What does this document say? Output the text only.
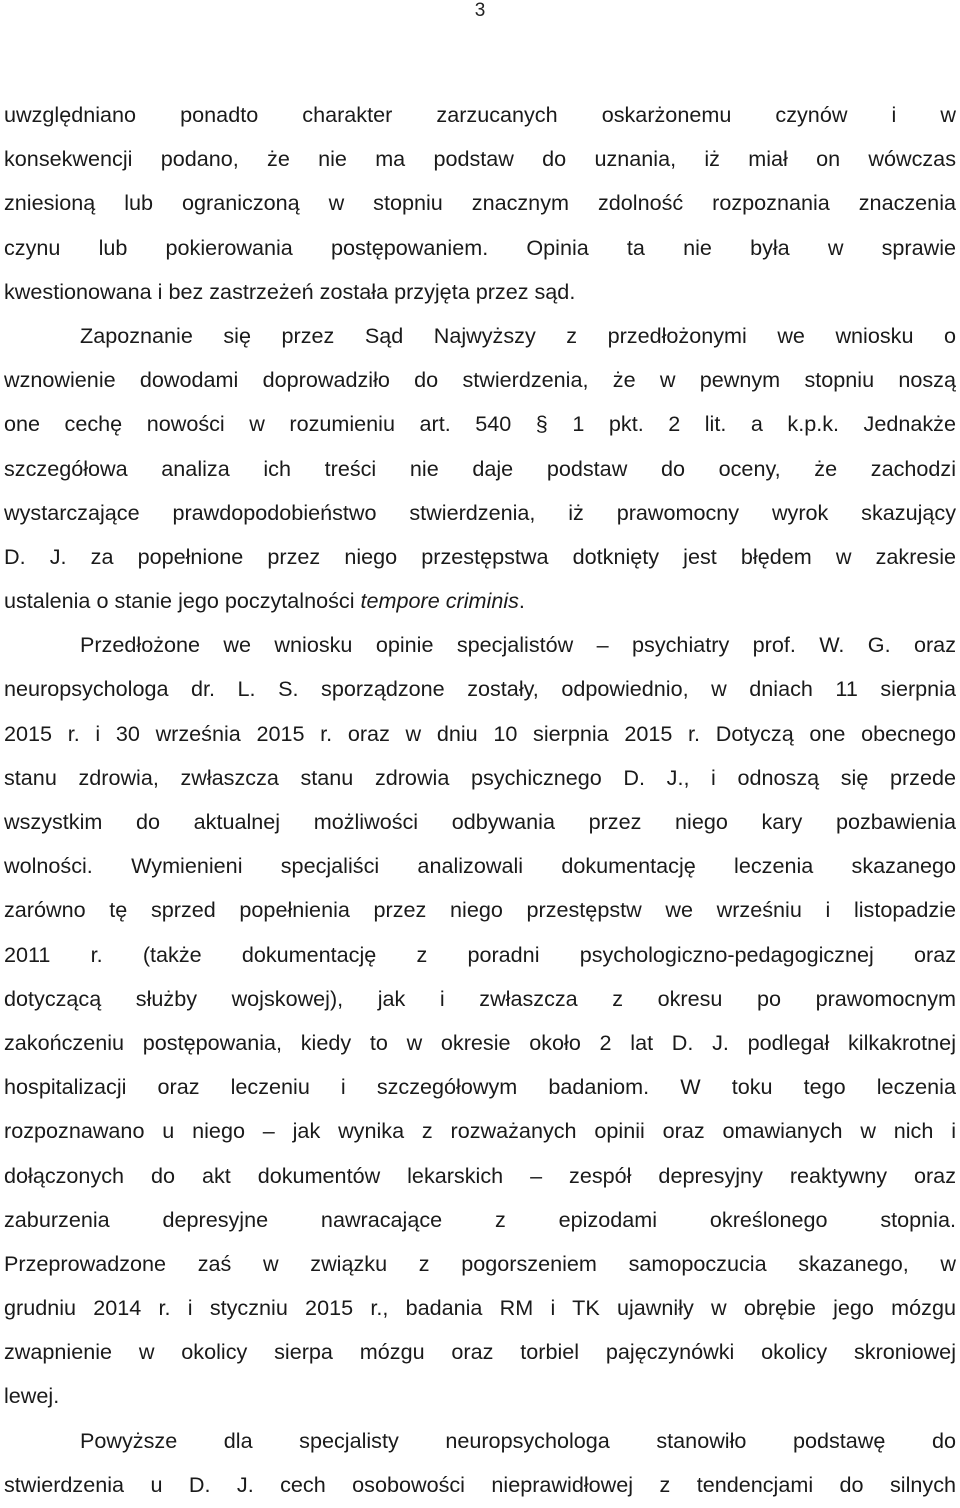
3
uwzględniano ponadto charakter zarzucanych oskarżonemu czynów i w
konsekwencji podano, że nie ma podstaw do uznania, iż miał on wówczas
zniesioną lub ograniczoną w stopniu znacznym zdolność rozpoznania znaczenia
czynu lub pokierowania postępowaniem. Opinia ta nie była w sprawie
kwestionowana i bez zastrzeżeń została przyjęta przez sąd.
Zapoznanie się przez Sąd Najwyższy z przedłożonymi we wniosku o
wznowienie dowodami doprowadziło do stwierdzenia, że w pewnym stopniu noszą
one cechę nowości w rozumieniu art. 540 § 1 pkt. 2 lit. a k.p.k. Jednakże
szczegółowa analiza ich treści nie daje podstaw do oceny, że zachodzi
wystarczające prawdopodobieństwo stwierdzenia, iż prawomocny wyrok skazujący
D. J. za popełnione przez niego przestępstwa dotknięty jest błędem w zakresie
ustalenia o stanie jego poczytalności tempore criminis.
Przedłożone we wniosku opinie specjalistów – psychiatry prof. W. G. oraz
neuropsychologa dr. L. S. sporządzone zostały, odpowiednio, w dniach 11 sierpnia
2015 r. i 30 września 2015 r. oraz w dniu 10 sierpnia 2015 r. Dotyczą one obecnego
stanu zdrowia, zwłaszcza stanu zdrowia psychicznego D. J., i odnoszą się przede
wszystkim do aktualnej możliwości odbywania przez niego kary pozbawienia
wolności. Wymienieni specjaliści analizowali dokumentację leczenia skazanego
zarówno tę sprzed popełnienia przez niego przestępstw we wrześniu i listopadzie
2011 r. (także dokumentację z poradni psychologiczno-pedagogicznej oraz
dotyczącą służby wojskowej), jak i zwłaszcza z okresu po prawomocnym
zakończeniu postępowania, kiedy to w okresie około 2 lat D. J. podlegał kilkakrotnej
hospitalizacji oraz leczeniu i szczegółowym badaniom. W toku tego leczenia
rozpoznawano u niego – jak wynika z rozważanych opinii oraz omawianych w nich i
dołączonych do akt dokumentów lekarskich – zespół depresyjny reaktywny oraz
zaburzenia depresyjne nawracające z epizodami określonego stopnia.
Przeprowadzone zaś w związku z pogorszeniem samopoczucia skazanego, w
grudniu 2014 r. i styczniu 2015 r., badania RM i TK ujawniły w obrębie jego mózgu
zwapnienie w okolicy sierpa mózgu oraz torbiel pajęczynówki okolicy skroniowej
lewej.
Powyższe dla specjalisty neuropsychologa stanowiło podstawę do
stwierdzenia u D. J. cech osobowości nieprawidłowej z tendencjami do silnych
